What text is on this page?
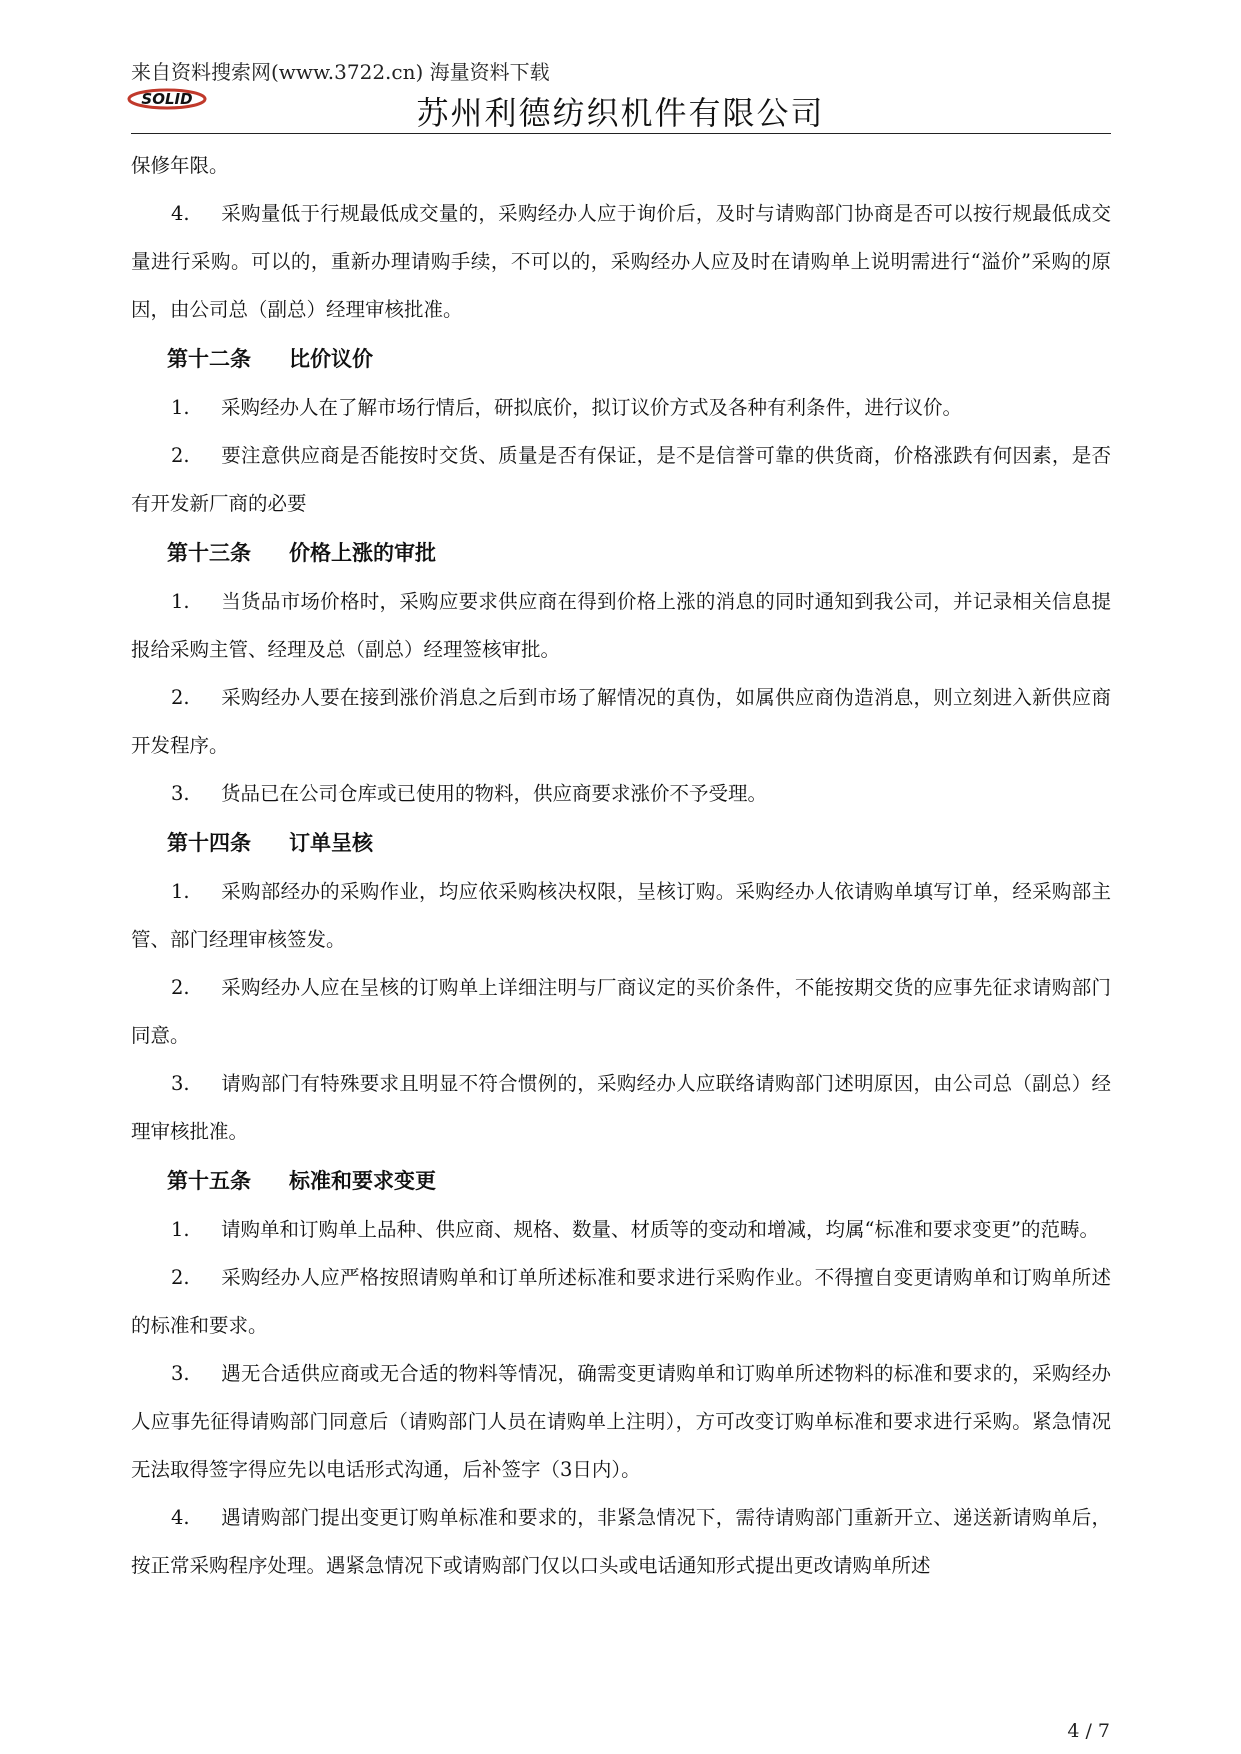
来自资料搜索网(www.3722.cn) 海量资料下载
SOLID	苏州利德纺织机件有限公司

保修年限。

4. 采购量低于行规最低成交量的，采购经办人应于询价后，及时与请购部门协商是否可以按行规最低成交量进行采购。可以的，重新办理请购手续，不可以的，采购经办人应及时在请购单上说明需进行“溢价”采购的原因，由公司总（副总）经理审核批准。

第十二条 比价议价

1. 采购经办人在了解市场行情后，研拟底价，拟订议价方式及各种有利条件，进行议价。

2. 要注意供应商是否能按时交货、质量是否有保证，是不是信誉可靠的供货商，价格涨跌有何因素，是否有开发新厂商的必要

第十三条 价格上涨的审批

1. 当货品市场价格时，采购应要求供应商在得到价格上涨的消息的同时通知到我公司，并记录相关信息提报给采购主管、经理及总（副总）经理签核审批。

2. 采购经办人要在接到涨价消息之后到市场了解情况的真伪，如属供应商伪造消息，则立刻进入新供应商开发程序。

3. 货品已在公司仓库或已使用的物料，供应商要求涨价不予受理。

第十四条 订单呈核

1. 采购部经办的采购作业，均应依采购核决权限，呈核订购。采购经办人依请购单填写订单，经采购部主管、部门经理审核签发。

2. 采购经办人应在呈核的订购单上详细注明与厂商议定的买价条件，不能按期交货的应事先征求请购部门同意。

3. 请购部门有特殊要求且明显不符合惯例的，采购经办人应联络请购部门述明原因，由公司总（副总）经理审核批准。

第十五条 标准和要求变更

1. 请购单和订购单上品种、供应商、规格、数量、材质等的变动和增减，均属“标准和要求变更”的范畴。

2. 采购经办人应严格按照请购单和订单所述标准和要求进行采购作业。不得擅自变更请购单和订购单所述的标准和要求。

3. 遇无合适供应商或无合适的物料等情况，确需变更请购单和订购单所述物料的标准和要求的，采购经办人应事先征得请购部门同意后（请购部门人员在请购单上注明），方可改变订购单标准和要求进行采购。紧急情况无法取得签字得应先以电话形式沟通，后补签字（3日内）。

4. 遇请购部门提出变更订购单标准和要求的，非紧急情况下，需待请购部门重新开立、递送新请购单后，按正常采购程序处理。遇紧急情况下或请购部门仅以口头或电话通知形式提出更改请购单所述

4 / 7
